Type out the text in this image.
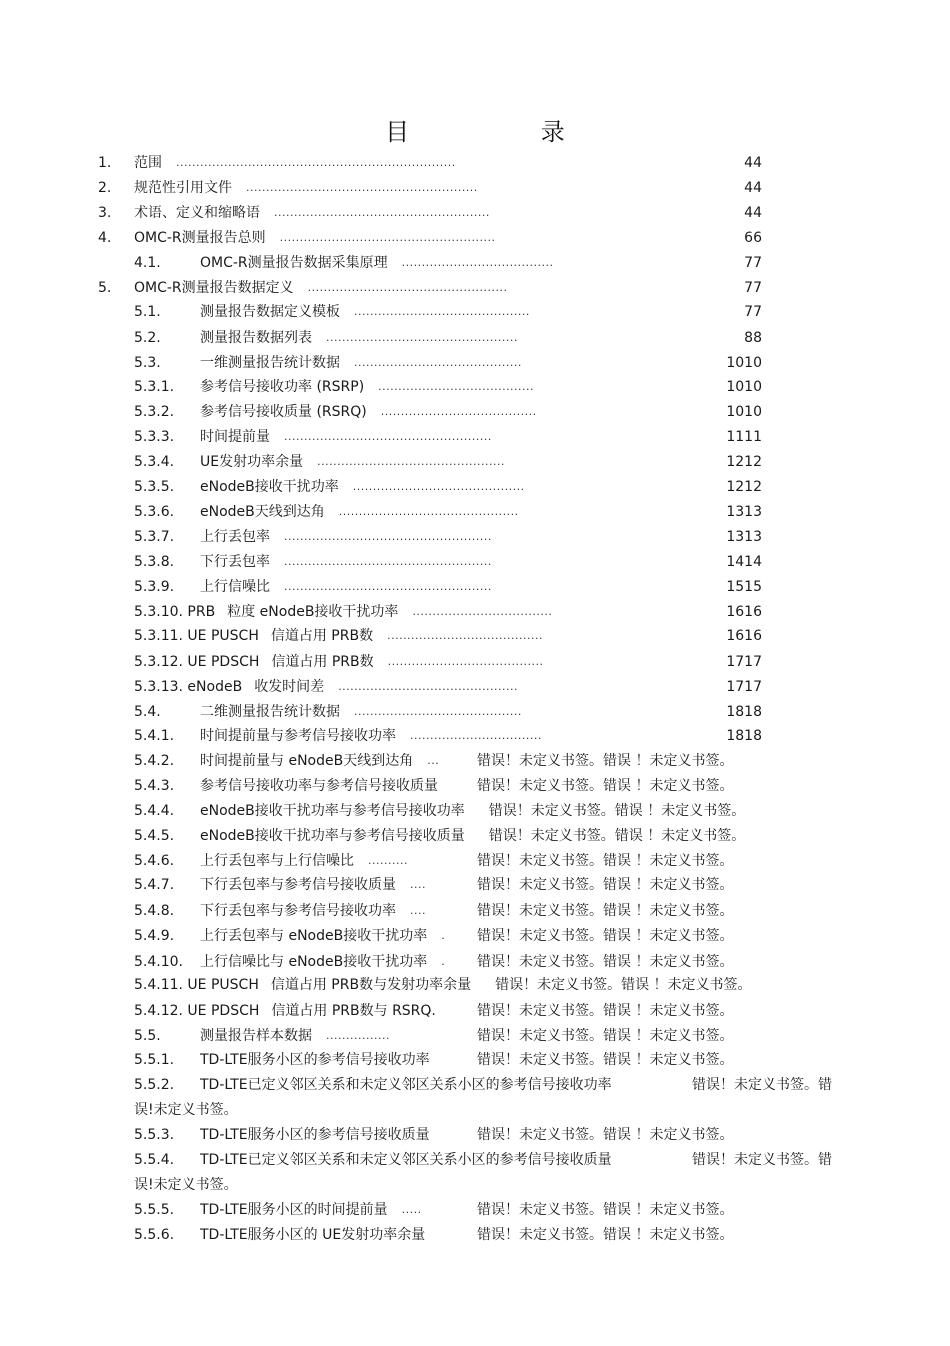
目 录
1. 范围 ......................................................................	44
2. 规范性引用文件 ..........................................................	44
3. 术语、定义和缩略语 ......................................................	44
4. OMC-R测量报告总则 ......................................................	66
4.1.	OMC-R测量报告数据采集原理 ......................................	77
5. OMC-R测量报告数据定义 ..................................................	77
5.1.	测量报告数据定义模板 ............................................	77
5.2.	测量报告数据列表 ................................................	88
5.3.	一维测量报告统计数据 ..........................................	1010
5.3.1. 参考信号接收功率 (RSRP) .......................................	1010
5.3.2. 参考信号接收质量 (RSRQ) .......................................	1010
5.3.3. 时间提前量 ....................................................	1111
5.3.4. UE发射功率余量 ...............................................	1212
5.3.5. eNodeB接收干扰功率 ...........................................	1212
5.3.6. eNodeB天线到达角 .............................................	1313
5.3.7. 上行丢包率 ....................................................	1313
5.3.8. 下行丢包率 ....................................................	1414
5.3.9. 上行信噪比 ....................................................	1515
5.3.10. PRB 粒度 eNodeB接收干扰功率 ...................................	1616
5.3.11. UE PUSCH 信道占用 PRB数 .......................................	1616
5.3.12. UE PDSCH 信道占用 PRB数 .......................................	1717
5.3.13. eNodeB 收发时间差 .............................................	1717
5.4.	二维测量报告统计数据 ..........................................	1818
5.4.1. 时间提前量与参考信号接收功率 .................................	1818
5.4.2. 时间提前量与 eNodeB天线到达角 ...	错误！未定义书签。错误 ！未定义书签。
5.4.3. 参考信号接收功率与参考信号接收质量	错误！未定义书签。错误 ！未定义书签。
5.4.4. eNodeB接收干扰功率与参考信号接收功率 错误！未定义书签。错误 ！未定义书签。
5.4.5. eNodeB接收干扰功率与参考信号接收质量 错误！未定义书签。错误 ！未定义书签。
5.4.6. 上行丢包率与上行信噪比 ..........	错误！未定义书签。错误 ！未定义书签。
5.4.7. 下行丢包率与参考信号接收质量 ....	错误！未定义书签。错误 ！未定义书签。
5.4.8. 下行丢包率与参考信号接收功率 ....	错误！未定义书签。错误 ！未定义书签。
5.4.9. 上行丢包率与 eNodeB接收干扰功率 . 错误！未定义书签。错误 ！未定义书签。
5.4.10. 上行信噪比与 eNodeB接收干扰功率 . 错误！未定义书签。错误 ！未定义书签。
5.4.11. UE PUSCH 信道占用 PRB数与发射功率余量 错误！未定义书签。错误 ！未定义书签。
5.4.12. UE PDSCH 信道占用 PRB数与 RSRQ.	错误！未定义书签。错误 ！未定义书签。
5.5.	测量报告样本数据 ................	错误！未定义书签。错误 ！未定义书签。
5.5.1. TD-LTE服务小区的参考信号接收功率	错误！未定义书签。错误 ！未定义书签。
5.5.2. TD-LTE已定义邻区关系和未定义邻区关系小区的参考信号接收功率	错误！未定义书签。错
误!未定义书签。
5.5.3. TD-LTE服务小区的参考信号接收质量	错误！未定义书签。错误 ！未定义书签。
5.5.4. TD-LTE已定义邻区关系和未定义邻区关系小区的参考信号接收质量	错误！未定义书签。错
误!未定义书签。
5.5.5. TD-LTE服务小区的时间提前量 .....	错误！未定义书签。错误 ！未定义书签。
5.5.6. TD-LTE服务小区的 UE发射功率余量	错误！未定义书签。错误 ！未定义书签。
